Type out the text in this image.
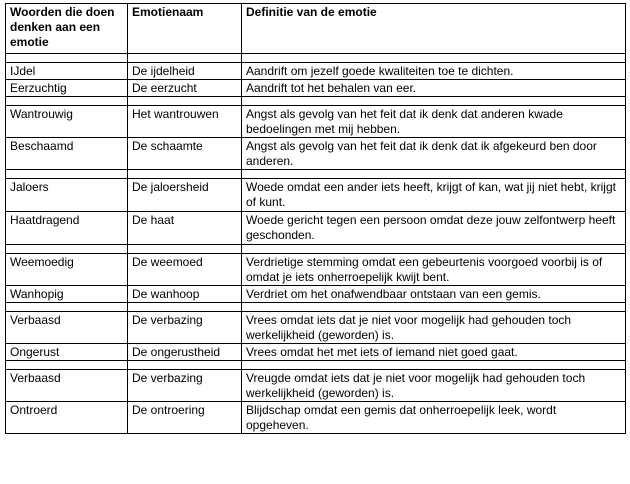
Woorden die doen denken aan een emotie	Emotienaam	Definitie van de emotie

IJdel	De ijdelheid	Aandrift om jezelf goede kwaliteiten toe te dichten.
Eerzuchtig	De eerzucht	Aandrift tot het behalen van eer.

Wantrouwig	Het wantrouwen	Angst als gevolg van het feit dat ik denk dat anderen kwade bedoelingen met mij hebben.
Beschaamd	De schaamte	Angst als gevolg van het feit dat ik denk dat ik afgekeurd ben door anderen.

Jaloers	De jaloersheid	Woede omdat een ander iets heeft, krijgt of kan, wat jij niet hebt, krijgt of kunt.
Haatdragend	De haat	Woede gericht tegen een persoon omdat deze jouw zelfontwerp heeft geschonden.

Weemoedig	De weemoed	Verdrietige stemming omdat een gebeurtenis voorgoed voorbij is of omdat je iets onherroepelijk kwijt bent.
Wanhopig	De wanhoop	Verdriet om het onafwendbaar ontstaan van een gemis.

Verbaasd	De verbazing	Vrees omdat iets dat je niet voor mogelijk had gehouden toch werkelijkheid (geworden) is.
Ongerust	De ongerustheid	Vrees omdat het met iets of iemand niet goed gaat.

Verbaasd	De verbazing	Vreugde omdat iets dat je niet voor mogelijk had gehouden toch werkelijkheid (geworden) is.
Ontroerd	De ontroering	Blijdschap omdat een gemis dat onherroepelijk leek, wordt opgeheven.
